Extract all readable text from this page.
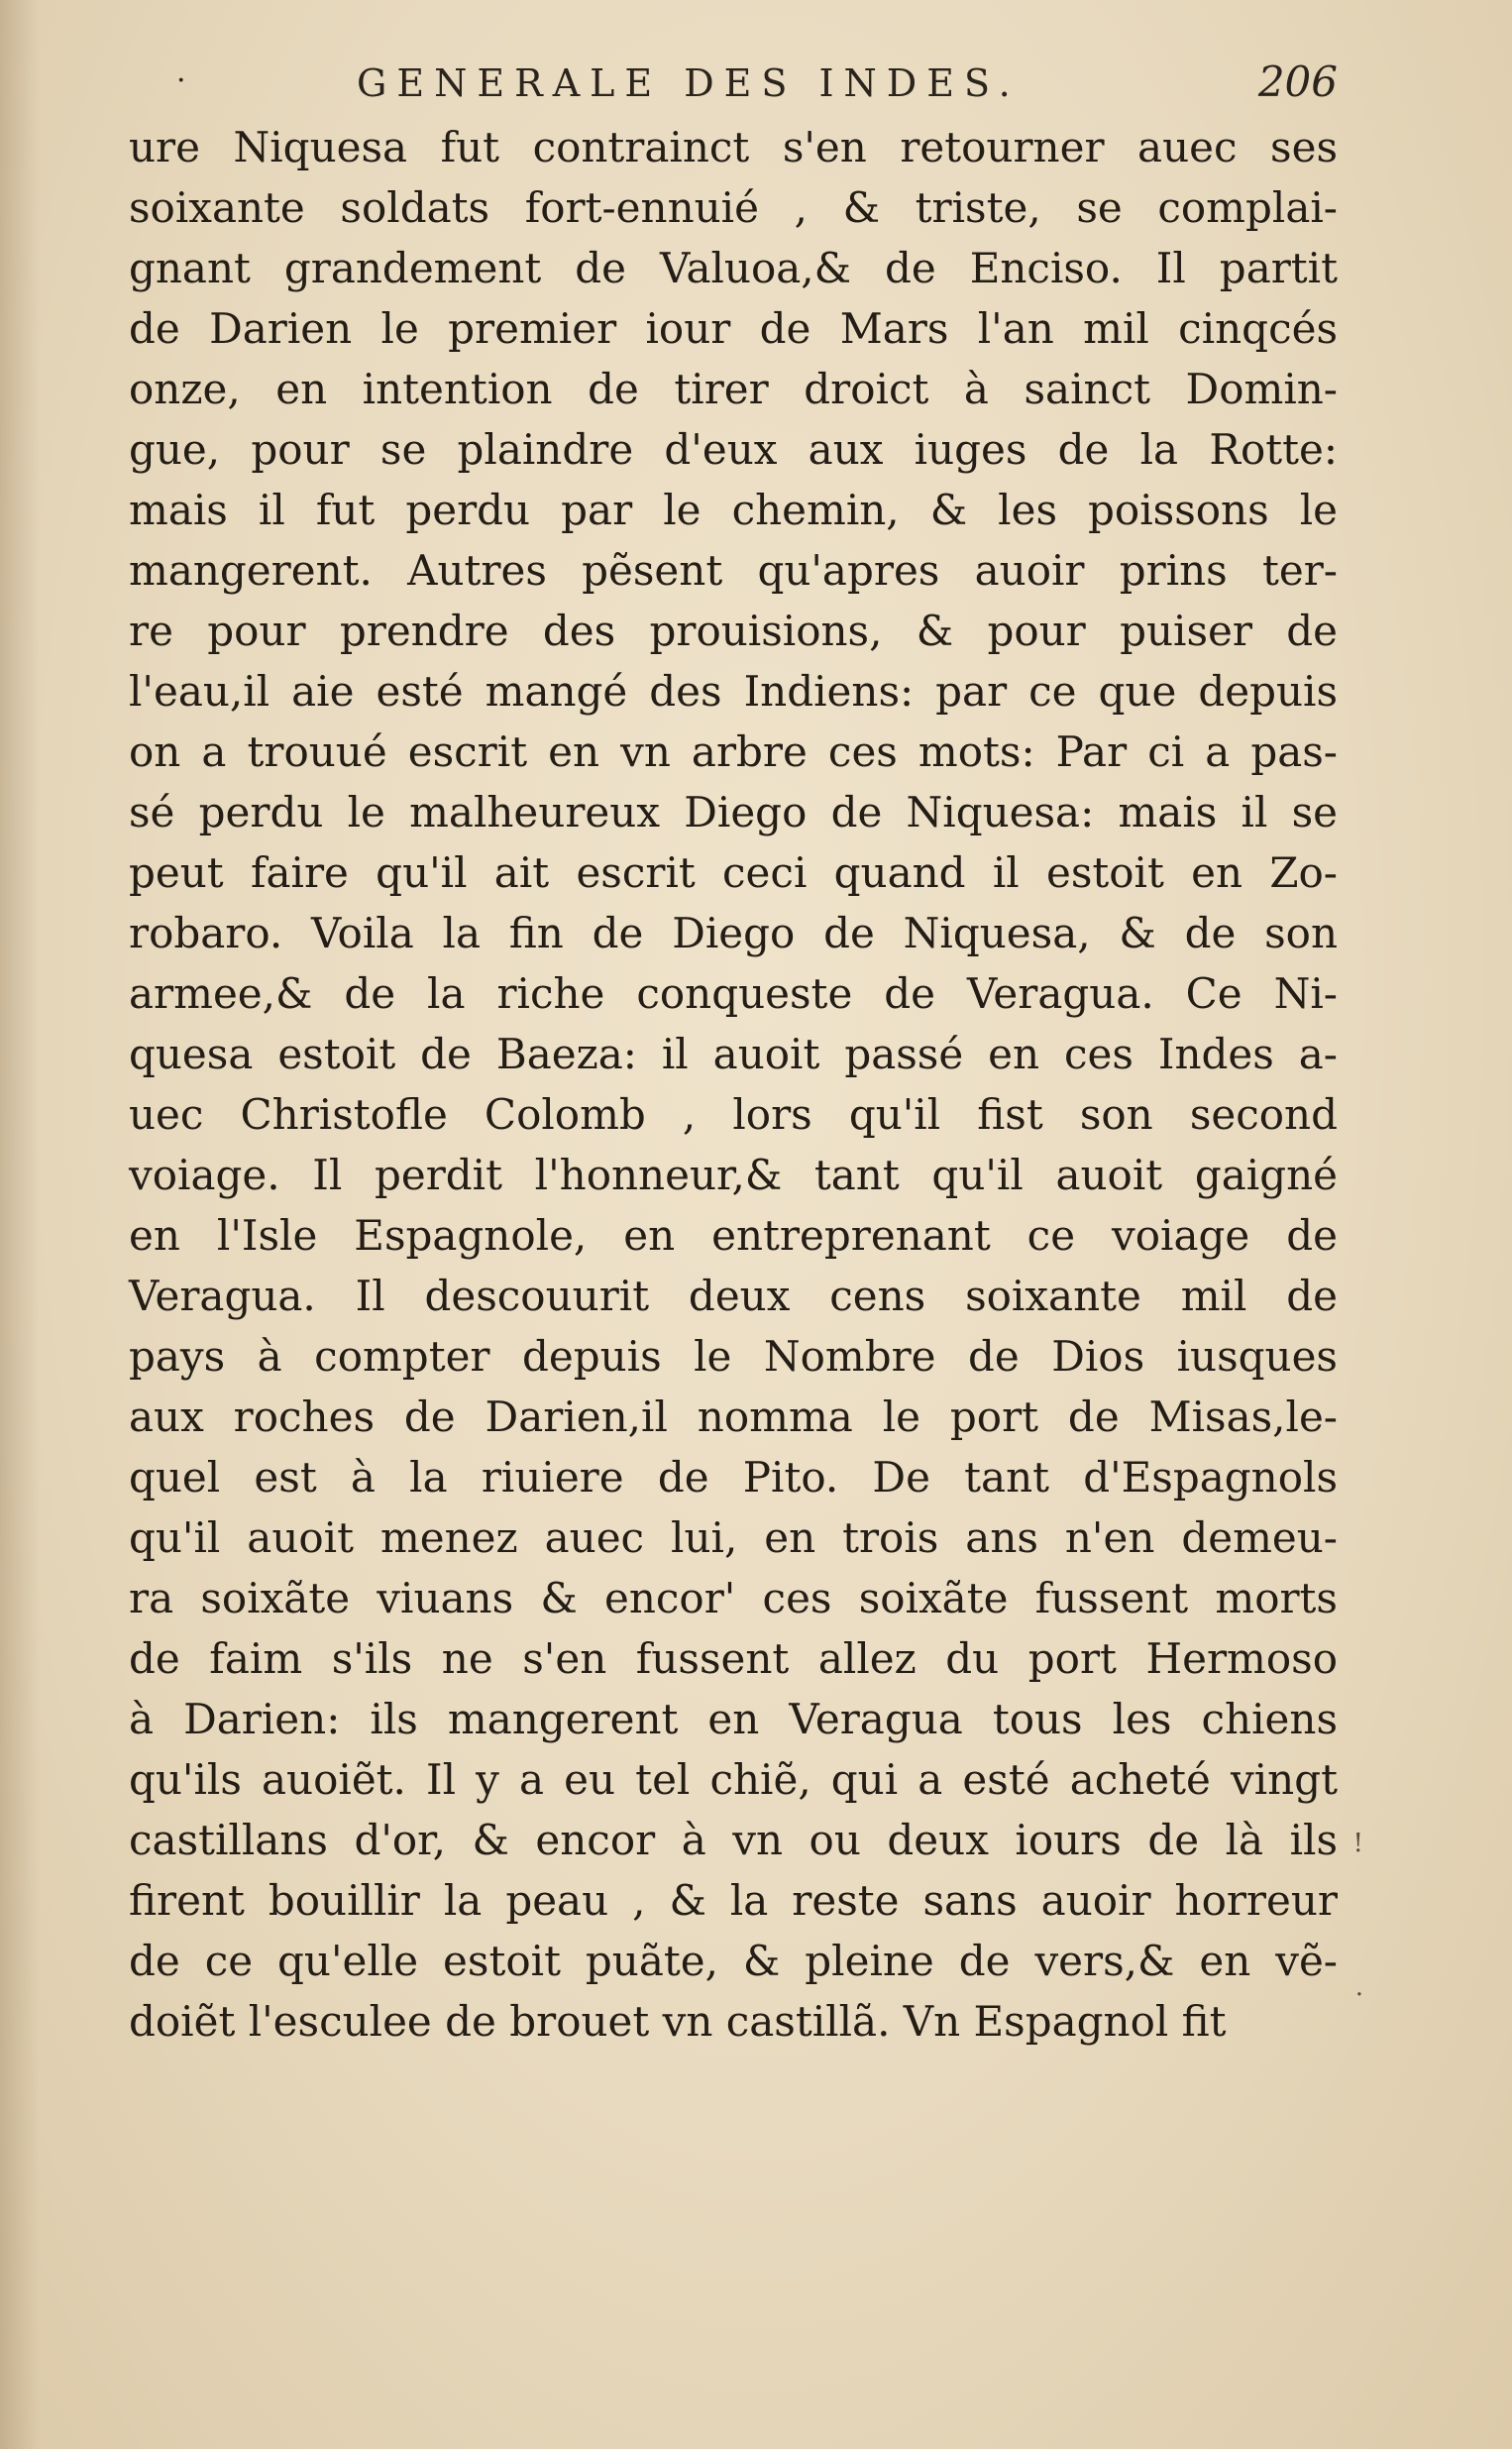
·	GENERALE DES INDES.	206
ure Niquesa fut contrainct s'en retourner auec ses
soixante soldats fort-ennuié , & triste, se complai-
gnant grandement de Valuoa,& de Enciso. Il partit
de Darien le premier iour de Mars l'an mil cinqcés
onze, en intention de tirer droict à sainct Domin-
gue, pour se plaindre d'eux aux iuges de la Rotte:
mais il fut perdu par le chemin, & les poissons le
mangerent. Autres pẽsent qu'apres auoir prins ter-
re pour prendre des prouisions, & pour puiser de
l'eau,il aie esté mangé des Indiens: par ce que depuis
on a trouué escrit en vn arbre ces mots: Par ci a pas-
sé perdu le malheureux Diego de Niquesa: mais il se
peut faire qu'il ait escrit ceci quand il estoit en Zo-
robaro. Voila la fin de Diego de Niquesa, & de son
armee,& de la riche conqueste de Veragua. Ce Ni-
quesa estoit de Baeza: il auoit passé en ces Indes a-
uec Christofle Colomb , lors qu'il fist son second
voiage. Il perdit l'honneur,& tant qu'il auoit gaigné
en l'Isle Espagnole, en entreprenant ce voiage de
Veragua. Il descouurit deux cens soixante mil de
pays à compter depuis le Nombre de Dios iusques
aux roches de Darien,il nomma le port de Misas,le-
quel est à la riuiere de Pito. De tant d'Espagnols
qu'il auoit menez auec lui, en trois ans n'en demeu-
ra soixãte viuans & encor' ces soixãte fussent morts
de faim s'ils ne s'en fussent allez du port Hermoso
à Darien: ils mangerent en Veragua tous les chiens
qu'ils auoiẽt. Il y a eu tel chiẽ, qui a esté acheté vingt
castillans d'or, & encor à vn ou deux iours de là ils
firent bouillir la peau , & la reste sans auoir horreur
de ce qu'elle estoit puãte, & pleine de vers,& en vẽ-
doiẽt l'esculee de brouet vn castillã. Vn Espagnol fit
!
.
